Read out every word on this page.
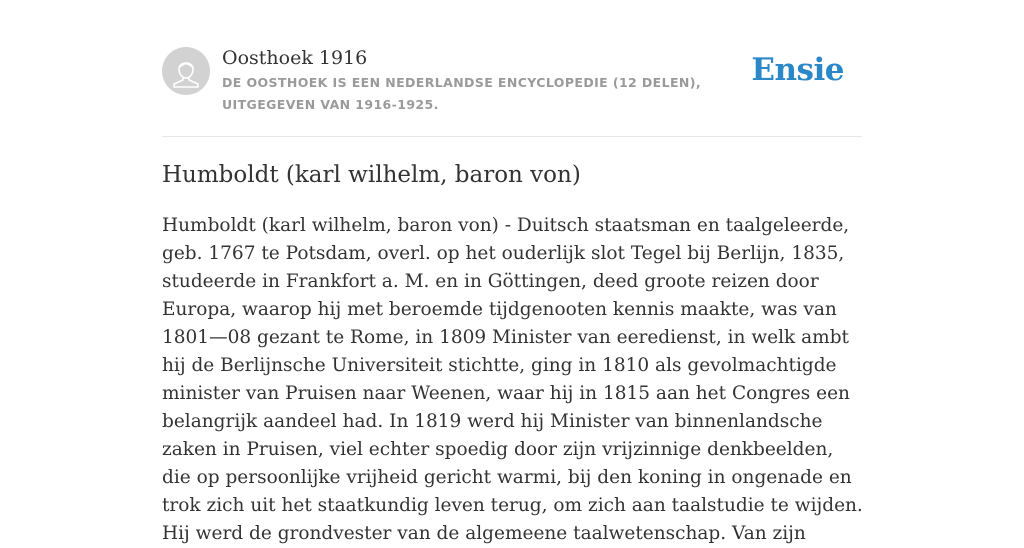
Oosthoek 1916
DE OOSTHOEK IS EEN NEDERLANDSE ENCYCLOPEDIE (12 DELEN), UITGEGEVEN VAN 1916-1925.
Ensie
Humboldt (karl wilhelm, baron von)

Humboldt (karl wilhelm, baron von) - Duitsch staatsman en taalgeleerde, geb. 1767 te Potsdam, overl. op het ouderlijk slot Tegel bij Berlijn, 1835, studeerde in Frankfort a. M. en in Göttingen, deed groote reizen door Europa, waarop hij met beroemde tijdgenooten kennis maakte, was van 1801—08 gezant te Rome, in 1809 Minister van eeredienst, in welk ambt hij de Berlijnsche Universiteit stichtte, ging in 1810 als gevolmachtigde minister van Pruisen naar Weenen, waar hij in 1815 aan het Congres een belangrijk aandeel had. In 1819 werd hij Minister van binnenlandsche zaken in Pruisen, viel echter spoedig door zijn vrijzinnige denkbeelden, die op persoonlijke vrijheid gericht warmi, bij den koning in ongenade en trok zich uit het staatkundig leven terug, om zich aan taalstudie te wijden. Hij werd de grondvester van de algemeene taalwetenschap. Van zijn
